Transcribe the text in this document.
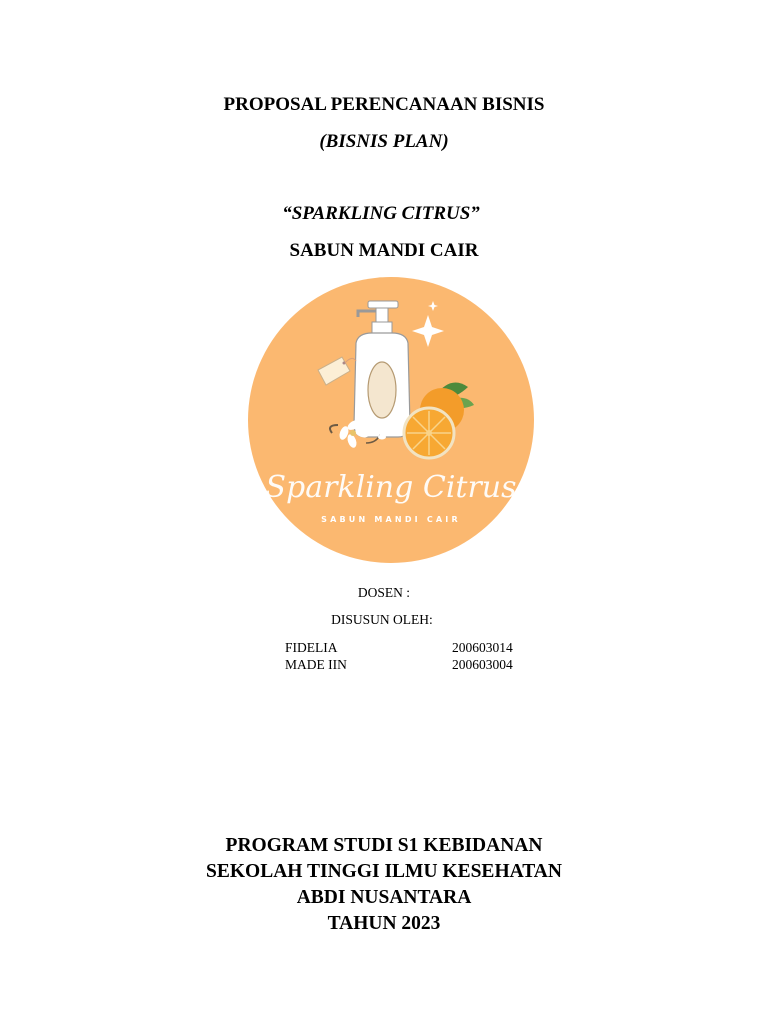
PROPOSAL PERENCANAAN BISNIS
(BISNIS PLAN)
“SPARKLING CITRUS”
SABUN MANDI CAIR
Sparkling Citrus
SABUN MANDI CAIR
DOSEN :
DISUSUN OLEH:
FIDELIA	200603014
MADE IIN	200603004
PROGRAM STUDI S1 KEBIDANAN
SEKOLAH TINGGI ILMU KESEHATAN
ABDI NUSANTARA
TAHUN 2023
